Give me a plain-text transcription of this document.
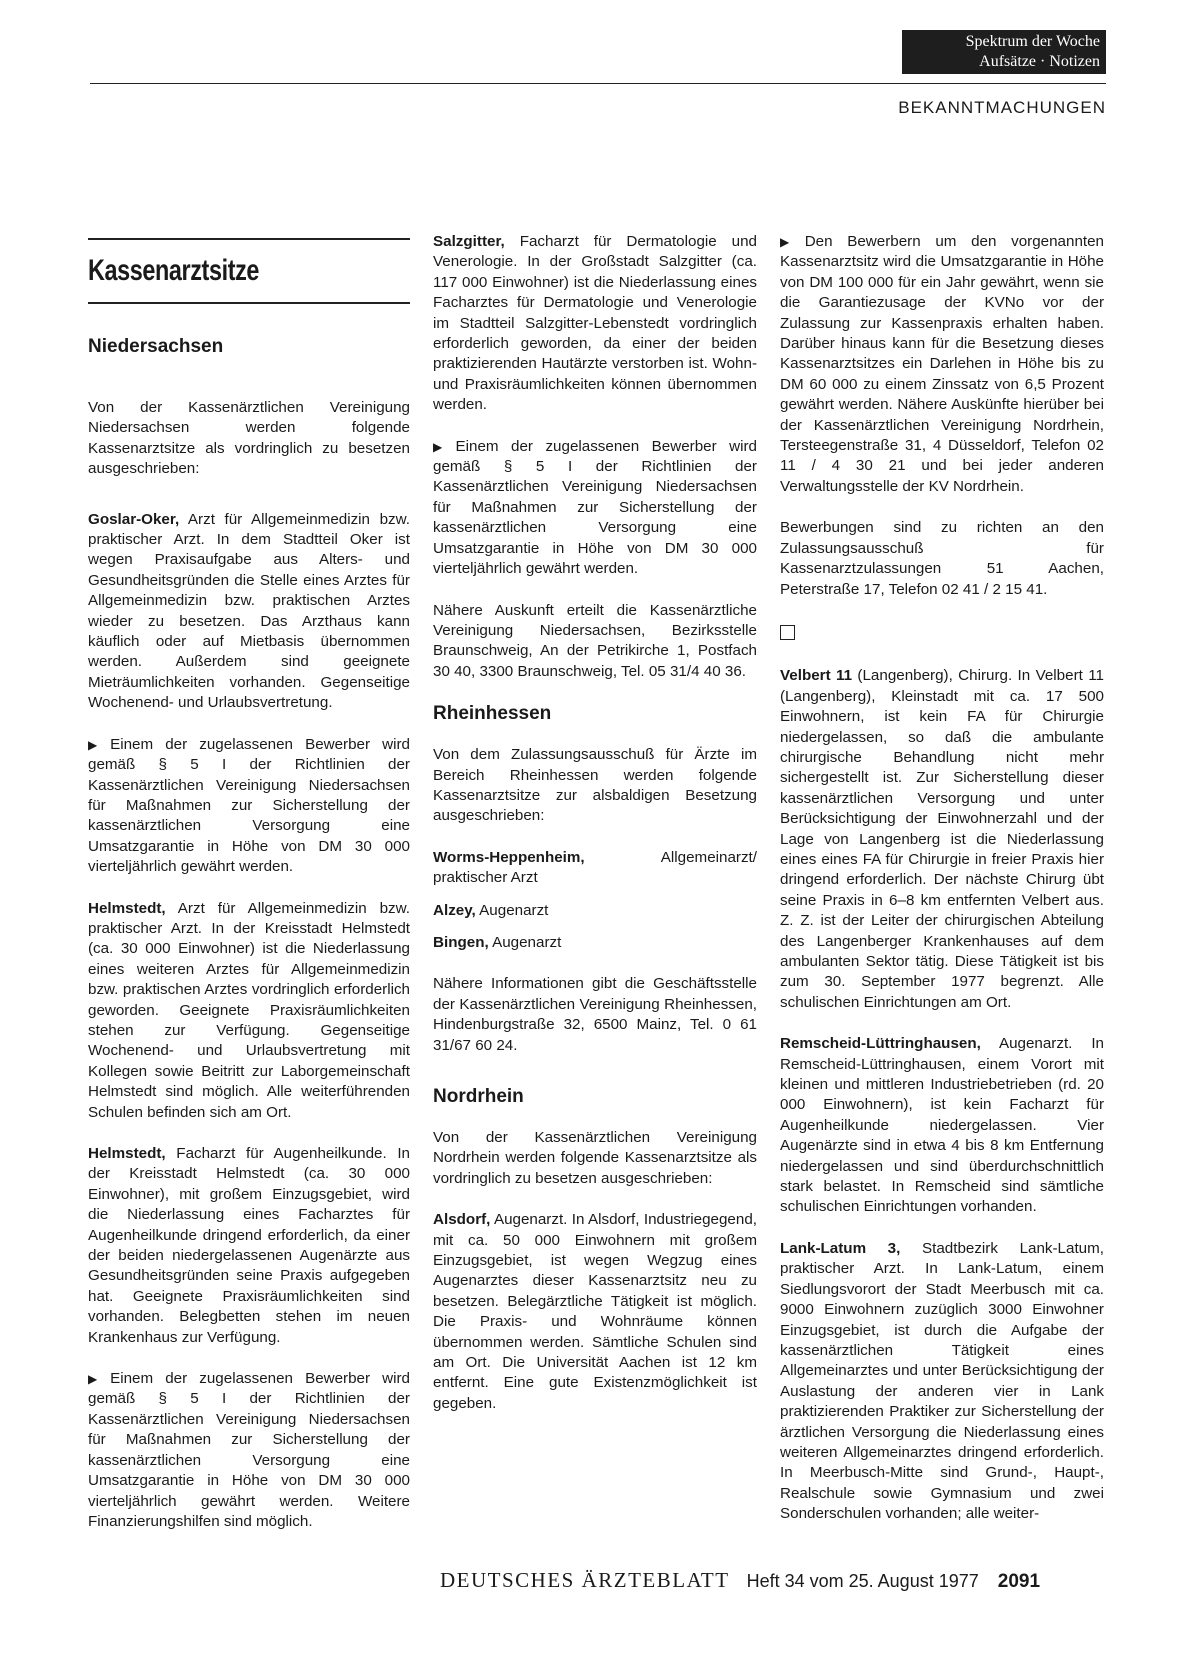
Spektrum der Woche
Aufsätze · Notizen
BEKANNTMACHUNGEN
Kassenarztsitze
Niedersachsen

Von der Kassenärztlichen Vereinigung Niedersachsen werden folgende Kassenarztsitze als vordringlich zu besetzen ausgeschrieben:

Goslar-Oker, Arzt für Allgemeinmedizin bzw. praktischer Arzt. In dem Stadtteil Oker ist wegen Praxisaufgabe aus Alters- und Gesundheitsgründen die Stelle eines Arztes für Allgemeinmedizin bzw. praktischen Arztes wieder zu besetzen. Das Arzthaus kann käuflich oder auf Mietbasis übernommen werden. Außerdem sind geeignete Mieträumlichkeiten vorhanden. Gegenseitige Wochenend- und Urlaubsvertretung.

▶ Einem der zugelassenen Bewerber wird gemäß § 5 I der Richtlinien der Kassenärztlichen Vereinigung Niedersachsen für Maßnahmen zur Sicherstellung der kassenärztlichen Versorgung eine Umsatzgarantie in Höhe von DM 30 000 vierteljährlich gewährt werden.

Helmstedt, Arzt für Allgemeinmedizin bzw. praktischer Arzt. In der Kreisstadt Helmstedt (ca. 30 000 Einwohner) ist die Niederlassung eines weiteren Arztes für Allgemeinmedizin bzw. praktischen Arztes vordringlich erforderlich geworden. Geeignete Praxisräumlichkeiten stehen zur Verfügung. Gegenseitige Wochenend- und Urlaubsvertretung mit Kollegen sowie Beitritt zur Laborgemeinschaft Helmstedt sind möglich. Alle weiterführenden Schulen befinden sich am Ort.

Helmstedt, Facharzt für Augenheilkunde. In der Kreisstadt Helmstedt (ca. 30 000 Einwohner), mit großem Einzugsgebiet, wird die Niederlassung eines Facharztes für Augenheilkunde dringend erforderlich, da einer der beiden niedergelassenen Augenärzte aus Gesundheitsgründen seine Praxis aufgegeben hat. Geeignete Praxisräumlichkeiten sind vorhanden. Belegbetten stehen im neuen Krankenhaus zur Verfügung.

▶ Einem der zugelassenen Bewerber wird gemäß § 5 I der Richtlinien der Kassenärztlichen Vereinigung Niedersachsen für Maßnahmen zur Sicherstellung der kassenärztlichen Versorgung eine Umsatzgarantie in Höhe von DM 30 000 vierteljährlich gewährt werden. Weitere Finanzierungshilfen sind möglich.

Salzgitter, Facharzt für Dermatologie und Venerologie. In der Großstadt Salzgitter (ca. 117 000 Einwohner) ist die Niederlassung eines Facharztes für Dermatologie und Venerologie im Stadtteil Salzgitter-Lebenstedt vordringlich erforderlich geworden, da einer der beiden praktizierenden Hautärzte verstorben ist. Wohn- und Praxisräumlichkeiten können übernommen werden.

▶ Einem der zugelassenen Bewerber wird gemäß § 5 I der Richtlinien der Kassenärztlichen Vereinigung Niedersachsen für Maßnahmen zur Sicherstellung der kassenärztlichen Versorgung eine Umsatzgarantie in Höhe von DM 30 000 vierteljährlich gewährt werden.

Nähere Auskunft erteilt die Kassenärztliche Vereinigung Niedersachsen, Bezirksstelle Braunschweig, An der Petrikirche 1, Postfach 30 40, 3300 Braunschweig, Tel. 05 31/4 40 36.

Rheinhessen

Von dem Zulassungsausschuß für Ärzte im Bereich Rheinhessen werden folgende Kassenarztsitze zur alsbaldigen Besetzung ausgeschrieben:

Worms-Heppenheim,	Allgemeinarzt/
praktischer Arzt

Alzey, Augenarzt

Bingen, Augenarzt

Nähere Informationen gibt die Geschäftsstelle der Kassenärztlichen Vereinigung Rheinhessen, Hindenburgstraße 32, 6500 Mainz, Tel. 0 61 31/67 60 24.

Nordrhein

Von der Kassenärztlichen Vereinigung Nordrhein werden folgende Kassenarztsitze als vordringlich zu besetzen ausgeschrieben:

Alsdorf, Augenarzt. In Alsdorf, Industriegegend, mit ca. 50 000 Einwohnern mit großem Einzugsgebiet, ist wegen Wegzug eines Augenarztes dieser Kassenarztsitz neu zu besetzen. Belegärztliche Tätigkeit ist möglich. Die Praxis- und Wohnräume können übernommen werden. Sämtliche Schulen sind am Ort. Die Universität Aachen ist 12 km entfernt. Eine gute Existenzmöglichkeit ist gegeben.

▶ Den Bewerbern um den vorgenannten Kassenarztsitz wird die Umsatzgarantie in Höhe von DM 100 000 für ein Jahr gewährt, wenn sie die Garantiezusage der KVNo vor der Zulassung zur Kassenpraxis erhalten haben. Darüber hinaus kann für die Besetzung dieses Kassenarztsitzes ein Darlehen in Höhe bis zu DM 60 000 zu einem Zinssatz von 6,5 Prozent gewährt werden. Nähere Auskünfte hierüber bei der Kassenärztlichen Vereinigung Nordrhein, Tersteegenstraße 31, 4 Düsseldorf, Telefon 02 11 / 4 30 21 und bei jeder anderen Verwaltungsstelle der KV Nordrhein.

Bewerbungen sind zu richten an den Zulassungsausschuß für Kassenarztzulassungen 51 Aachen, Peterstraße 17, Telefon 02 41 / 2 15 41.

Velbert 11 (Langenberg), Chirurg. In Velbert 11 (Langenberg), Kleinstadt mit ca. 17 500 Einwohnern, ist kein FA für Chirurgie niedergelassen, so daß die ambulante chirurgische Behandlung nicht mehr sichergestellt ist. Zur Sicherstellung dieser kassenärztlichen Versorgung und unter Berücksichtigung der Einwohnerzahl und der Lage von Langenberg ist die Niederlassung eines eines FA für Chirurgie in freier Praxis hier dringend erforderlich. Der nächste Chirurg übt seine Praxis in 6–8 km entfernten Velbert aus. Z. Z. ist der Leiter der chirurgischen Abteilung des Langenberger Krankenhauses auf dem ambulanten Sektor tätig. Diese Tätigkeit ist bis zum 30. September 1977 begrenzt. Alle schulischen Einrichtungen am Ort.

Remscheid-Lüttringhausen, Augenarzt. In Remscheid-Lüttringhausen, einem Vorort mit kleinen und mittleren Industriebetrieben (rd. 20 000 Einwohnern), ist kein Facharzt für Augenheilkunde niedergelassen. Vier Augenärzte sind in etwa 4 bis 8 km Entfernung niedergelassen und sind überdurchschnittlich stark belastet. In Remscheid sind sämtliche schulischen Einrichtungen vorhanden.

Lank-Latum 3, Stadtbezirk Lank-Latum, praktischer Arzt. In Lank-Latum, einem Siedlungsvorort der Stadt Meerbusch mit ca. 9000 Einwohnern zuzüglich 3000 Einwohner Einzugsgebiet, ist durch die Aufgabe der kassenärztlichen Tätigkeit eines Allgemeinarztes und unter Berücksichtigung der Auslastung der anderen vier in Lank praktizierenden Praktiker zur Sicherstellung der ärztlichen Versorgung die Niederlassung eines weiteren Allgemeinarztes dringend erforderlich. In Meerbusch-Mitte sind Grund-, Haupt-, Realschule sowie Gymnasium und zwei Sonderschulen vorhanden; alle weiter-

DEUTSCHES ÄRZTEBLATT Heft 34 vom 25. August 1977 2091
